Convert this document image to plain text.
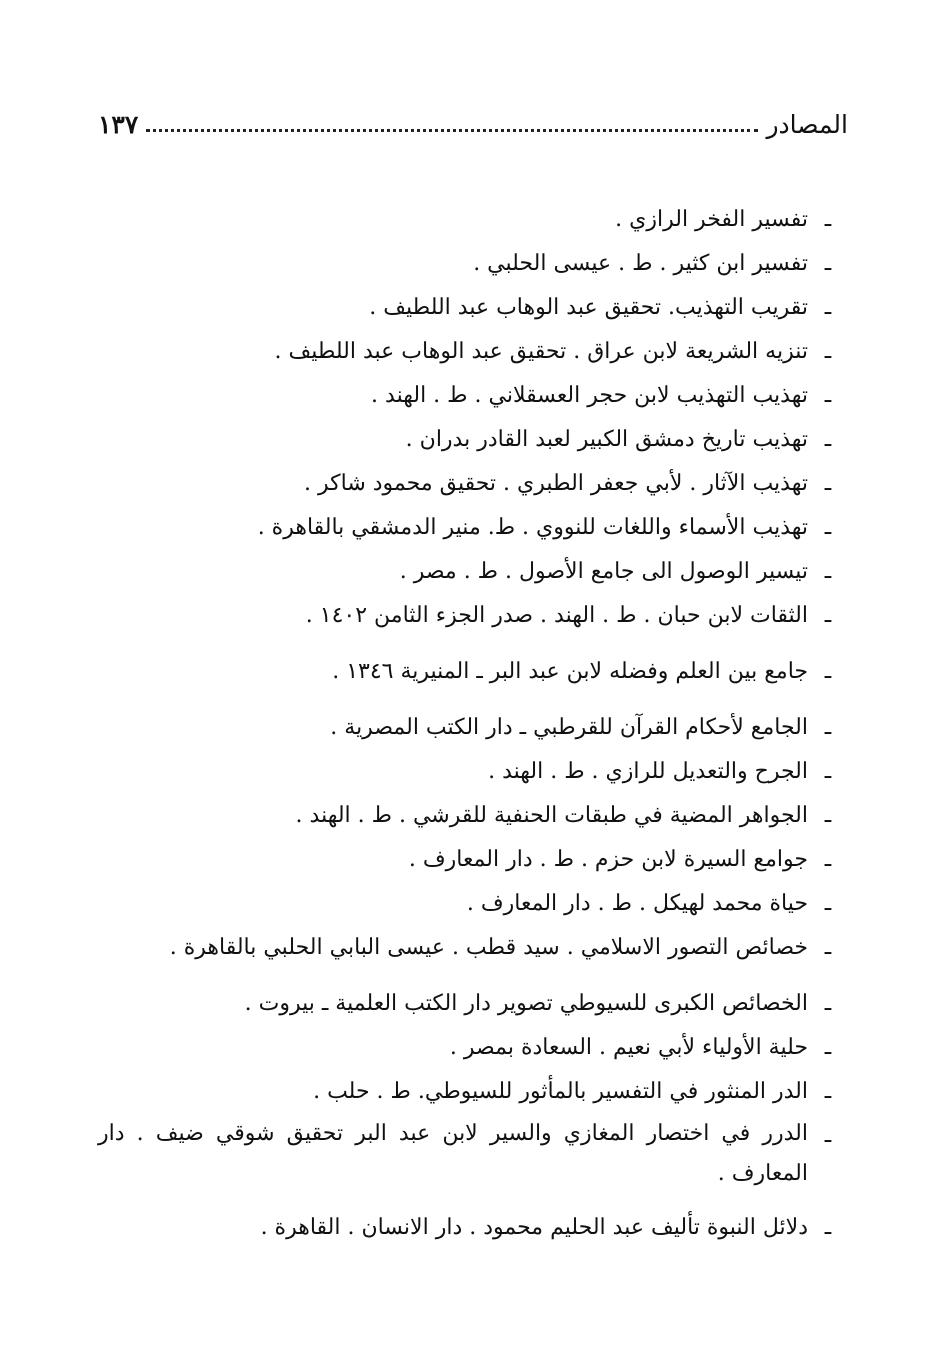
المصادر
١٣٧
ـ
تفسير الفخر الرازي .
ـ
تفسير ابن كثير . ط . عيسى الحلبي .
ـ
تقريب التهذيب. تحقيق عبد الوهاب عبد اللطيف .
ـ
تنزيه الشريعة لابن عراق . تحقيق عبد الوهاب عبد اللطيف .
ـ
تهذيب التهذيب لابن حجر العسقلاني . ط . الهند .
ـ
تهذيب تاريخ دمشق الكبير لعبد القادر بدران .
ـ
تهذيب الآثار . لأبي جعفر الطبري . تحقيق محمود شاكر .
ـ
تهذيب الأسماء واللغات للنووي . ط. منير الدمشقي بالقاهرة .
ـ
تيسير الوصول الى جامع الأصول . ط . مصر .
ـ
الثقات لابن حبان . ط . الهند . صدر الجزء الثامن ١٤٠٢ .
ـ
جامع بين العلم وفضله لابن عبد البر ـ المنيرية ١٣٤٦ .
ـ
الجامع لأحكام القرآن للقرطبي ـ دار الكتب المصرية .
ـ
الجرح والتعديل للرازي . ط . الهند .
ـ
الجواهر المضية في طبقات الحنفية للقرشي . ط . الهند .
ـ
جوامع السيرة لابن حزم . ط . دار المعارف .
ـ
حياة محمد لهيكل . ط . دار المعارف .
ـ
خصائص التصور الاسلامي . سيد قطب . عيسى البابي الحلبي بالقاهرة .
ـ
الخصائص الكبرى للسيوطي تصوير دار الكتب العلمية ـ بيروت .
ـ
حلية الأولياء لأبي نعيم . السعادة بمصر .
ـ
الدر المنثور في التفسير بالمأثور للسيوطي. ط . حلب .
ـ
الدرر في اختصار المغازي والسير لابن عبد البر تحقيق شوقي ضيف . دار المعارف .
ـ
دلائل النبوة تأليف عبد الحليم محمود . دار الانسان . القاهرة .
